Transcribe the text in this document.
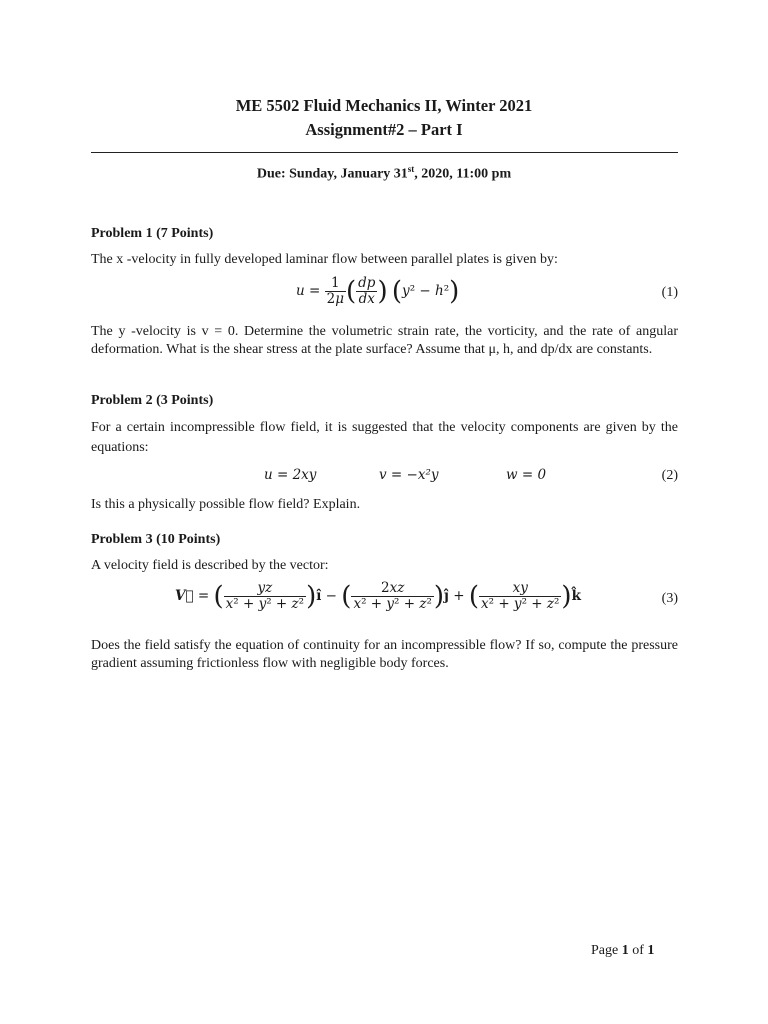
ME 5502 Fluid Mechanics II, Winter 2021
Assignment#2 – Part I
Due: Sunday, January 31st, 2020, 11:00 pm
Problem 1 (7 Points)
The x -velocity in fully developed laminar flow between parallel plates is given by:
$u = \frac{1}{2\mu}$ ( $\frac{dp}{dx}$ ) (y² − h²)	(1)
The y -velocity is v = 0. Determine the volumetric strain rate, the vorticity, and the rate of angular deformation. What is the shear stress at the plate surface? Assume that μ, h, and dp/dx are constants.
Problem 2 (3 Points)
For a certain incompressible flow field, it is suggested that the velocity components are given by the equations:
u = 2xy	v = −x²y	w = 0	(2)
Is this a physically possible flow field? Explain.
Problem 3 (10 Points)
A velocity field is described by the vector:
V⃗ = ( $\frac{yz}{\text{x² + y² + z²}}$ )î − ( $\frac{2xz}{\text{x² + y² + z²}}$ )ĵ + ( $\frac{xy}{\text{x² + y² + z²}}$ )k̂	(3)
Does the field satisfy the equation of continuity for an incompressible flow? If so, compute the pressure gradient assuming frictionless flow with negligible body forces.
Page 1 of 1
